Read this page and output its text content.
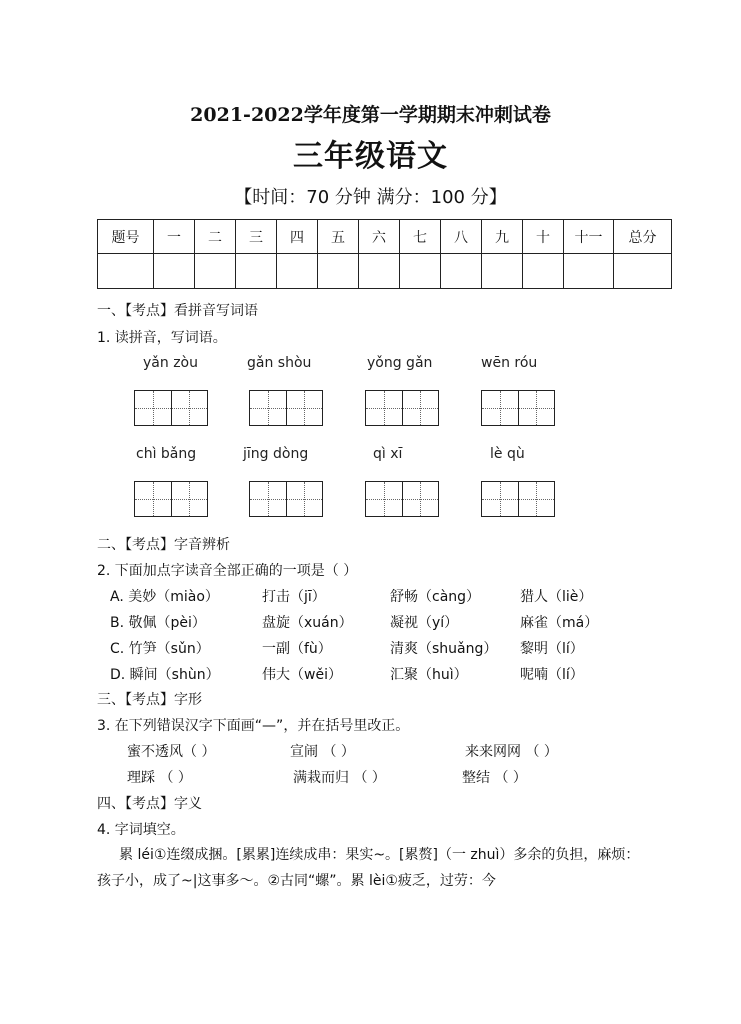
2021-2022学年度第一学期期末冲刺试卷
三年级语文
【时间：70 分钟 满分：100 分】
题号	一	二	三	四	五	六	七	八	九	十	十一	总分

一、【考点】看拼音写词语
1. 读拼音，写词语。
yǎn zòu	gǎn shòu	yǒng gǎn	wēn róu
chì bǎng	jīng dòng	qì xī	lè qù
二、【考点】字音辨析
2. 下面加点字读音全部正确的一项是（ ）
A. 美妙（miào）	打击（jī）	舒畅（càng）	猎人（liè）
B. 敬佩（pèi）	盘旋（xuán）	凝视（yí）	麻雀（má）
C. 竹笋（sǔn）	一副（fù）	清爽（shuǎng） 黎明（lí）
D. 瞬间（shùn）	伟大（wěi）	汇聚（huì）	呢喃（lí）
三、【考点】字形
3. 在下列错误汉字下面画“—”，并在括号里改正。
蜜不透风（ ）	宣闹 （ ）	来来网网 （ ）
理踩 （ ）	满栽而归 （ ）	整结 （ ）
四、【考点】字义
4. 字词填空。
累 léi①连缀成捆。[累累]连续成串：果实~。[累赘]（一 zhuì）多余的负担，麻烦：孩子小，成了~|这事多～。②古同“螺”。累 lèi①疲乏，过劳：今
